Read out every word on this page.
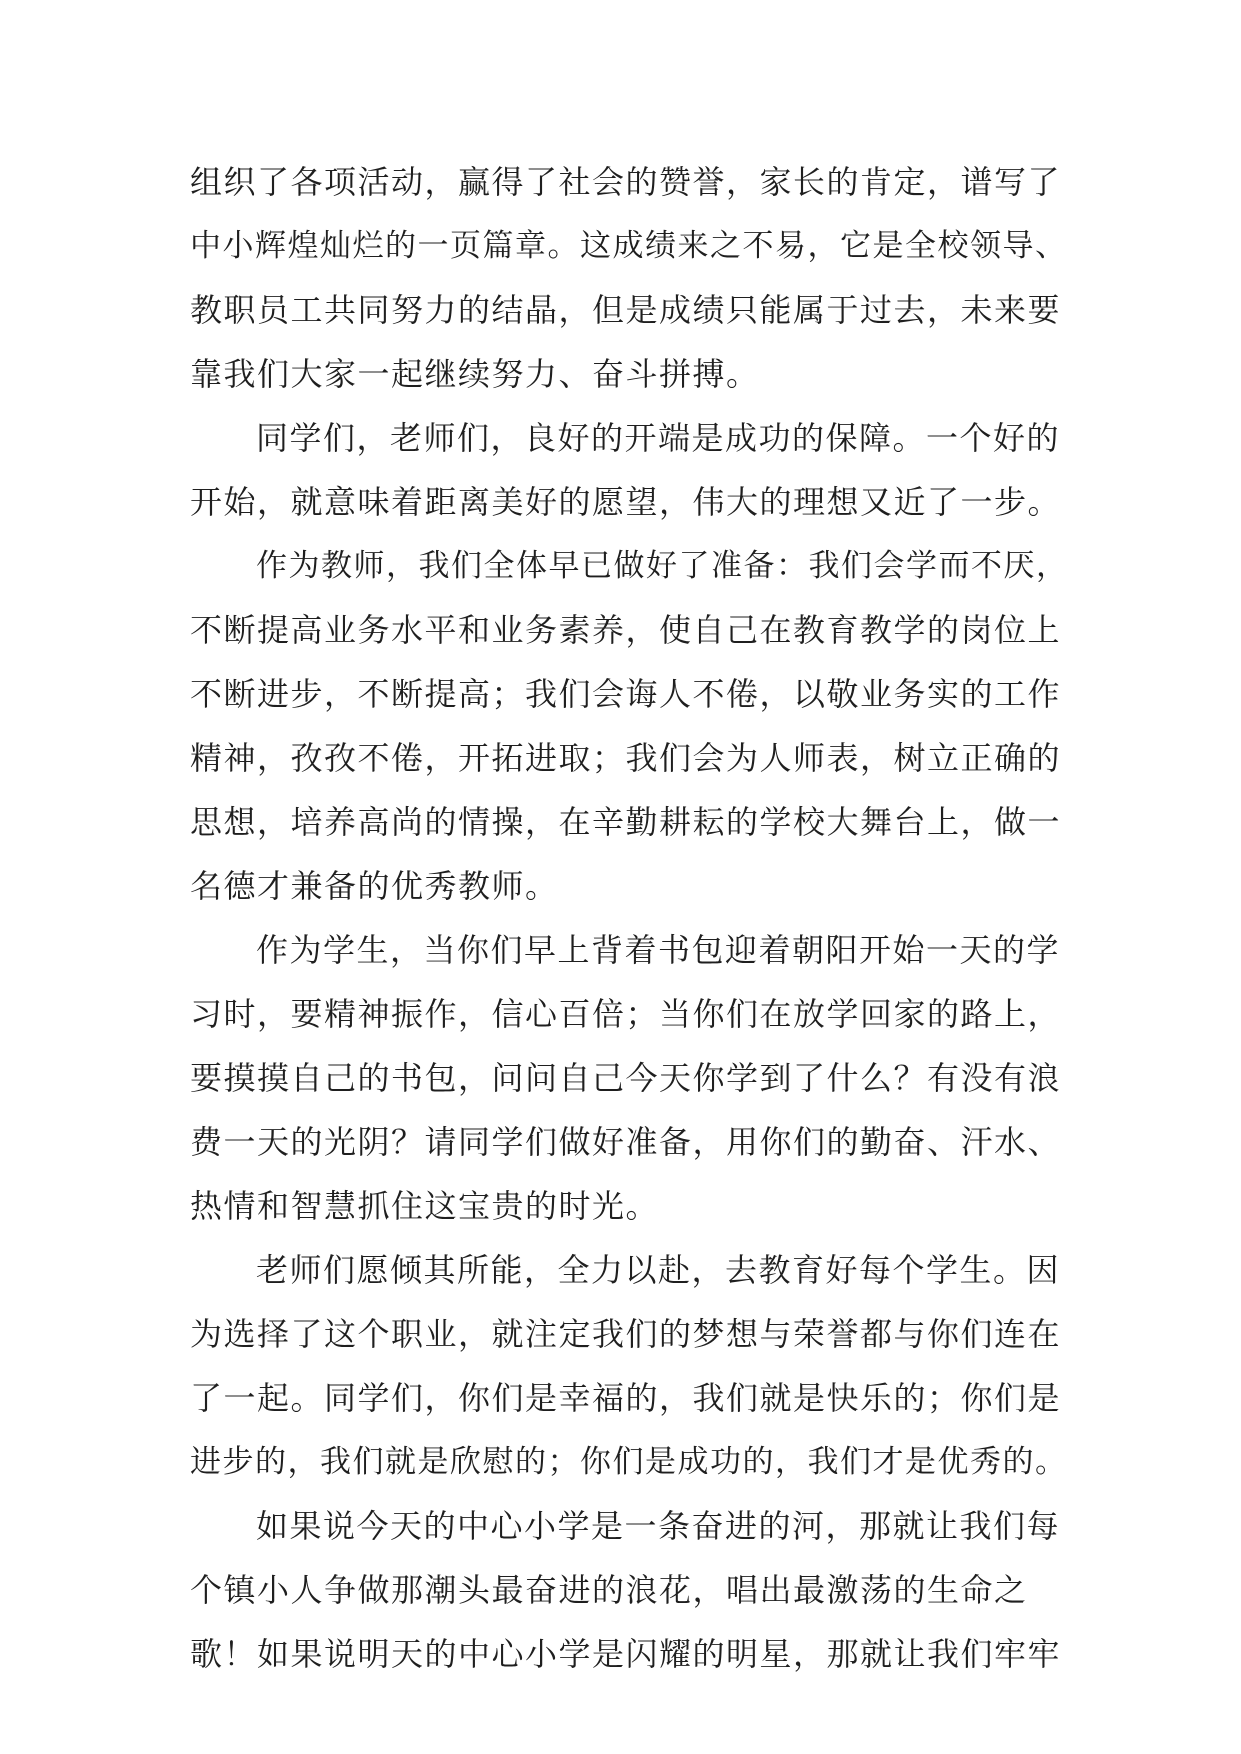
组织了各项活动，赢得了社会的赞誉，家长的肯定，谱写了
中小辉煌灿烂的一页篇章。这成绩来之不易，它是全校领导、
教职员工共同努力的结晶，但是成绩只能属于过去，未来要
靠我们大家一起继续努力、奋斗拼搏。
同学们，老师们，良好的开端是成功的保障。一个好的
开始，就意味着距离美好的愿望，伟大的理想又近了一步。
作为教师，我们全体早已做好了准备：我们会学而不厌，
不断提高业务水平和业务素养，使自己在教育教学的岗位上
不断进步，不断提高；我们会诲人不倦，以敬业务实的工作
精神，孜孜不倦，开拓进取；我们会为人师表，树立正确的
思想，培养高尚的情操，在辛勤耕耘的学校大舞台上，做一
名德才兼备的优秀教师。
作为学生，当你们早上背着书包迎着朝阳开始一天的学
习时，要精神振作，信心百倍；当你们在放学回家的路上，
要摸摸自己的书包，问问自己今天你学到了什么？有没有浪
费一天的光阴？请同学们做好准备，用你们的勤奋、汗水、
热情和智慧抓住这宝贵的时光。
老师们愿倾其所能，全力以赴，去教育好每个学生。因
为选择了这个职业，就注定我们的梦想与荣誉都与你们连在
了一起。同学们，你们是幸福的，我们就是快乐的；你们是
进步的，我们就是欣慰的；你们是成功的，我们才是优秀的。
如果说今天的中心小学是一条奋进的河，那就让我们每
个镇小人争做那潮头最奋进的浪花，唱出最激荡的生命之
歌！如果说明天的中心小学是闪耀的明星，那就让我们牢牢
